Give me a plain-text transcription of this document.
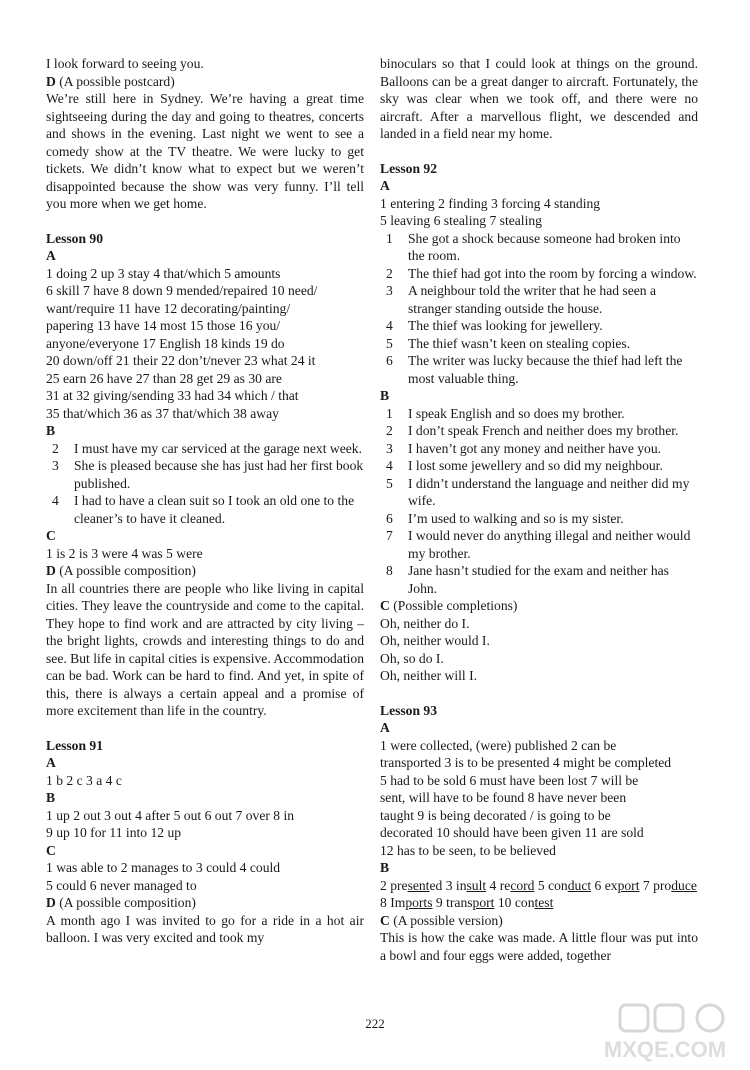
I look forward to seeing you.

D (A possible postcard)

We’re still here in Sydney. We’re having a great time sightseeing during the day and going to theatres, concerts and shows in the evening. Last night we went to see a comedy show at the TV theatre. We were lucky to get tickets. We didn’t know what to expect but we weren’t disappointed because the show was very funny. I’ll tell you more when we get home.

Lesson 90

A

1 doing 2 up 3 stay 4 that/which 5 amounts
6 skill 7 have 8 down 9 mended/repaired 10 need/
want/require 11 have 12 decorating/painting/
papering 13 have 14 most 15 those 16 you/
anyone/everyone 17 English 18 kinds 19 do
20 down/off 21 their 22 don’t/never 23 what 24 it
25 earn 26 have 27 than 28 get 29 as 30 are
31 at 32 giving/sending 33 had 34 which / that
35 that/which 36 as 37 that/which 38 away

B

2 I must have my car serviced at the garage next week.
3 She is pleased because she has just had her first book published.
4 I had to have a clean suit so I took an old one to the cleaner’s to have it cleaned.

C

1 is 2 is 3 were 4 was 5 were

D (A possible composition)

In all countries there are people who like living in capital cities. They leave the countryside and come to the capital. They hope to find work and are attracted by city living – the bright lights, crowds and interesting things to do and see. But life in capital cities is expensive. Accommodation can be bad. Work can be hard to find. And yet, in spite of this, there is always a certain appeal and a promise of more excitement than life in the country.

Lesson 91

A

1 b 2 c 3 a 4 c

B

1 up 2 out 3 out 4 after 5 out 6 out 7 over 8 in
9 up 10 for 11 into 12 up

C

1 was able to 2 manages to 3 could 4 could
5 could 6 never managed to

D (A possible composition)

A month ago I was invited to go for a ride in a hot air balloon. I was very excited and took my

binoculars so that I could look at things on the ground. Balloons can be a great danger to aircraft. Fortunately, the sky was clear when we took off, and there were no aircraft. After a marvellous flight, we descended and landed in a field near my home.

Lesson 92

A

1 entering 2 finding 3 forcing 4 standing
5 leaving 6 stealing 7 stealing
1 She got a shock because someone had broken into the room.
2 The thief had got into the room by forcing a window.
3 A neighbour told the writer that he had seen a stranger standing outside the house.
4 The thief was looking for jewellery.
5 The thief wasn’t keen on stealing copies.
6 The writer was lucky because the thief had left the most valuable thing.

B

1 I speak English and so does my brother.
2 I don’t speak French and neither does my brother.
3 I haven’t got any money and neither have you.
4 I lost some jewellery and so did my neighbour.
5 I didn’t understand the language and neither did my wife.
6 I’m used to walking and so is my sister.
7 I would never do anything illegal and neither would my brother.
8 Jane hasn’t studied for the exam and neither has John.

C (Possible completions)

Oh, neither do I.
Oh, neither would I.
Oh, so do I.
Oh, neither will I.

Lesson 93

A

1 were collected, (were) published 2 can be
transported 3 is to be presented 4 might be completed
5 had to be sold 6 must have been lost 7 will be
sent, will have to be found 8 have never been
taught 9 is being decorated / is going to be
decorated 10 should have been given 11 are sold
12 has to be seen, to be believed

B

2 presented 3 insult 4 record 5 conduct 6 export 7 produce 8 Imports 9 transport 10 contest

C (A possible version)

This is how the cake was made. A little flour was put into a bowl and four eggs were added, together

222
MXQE.COM
